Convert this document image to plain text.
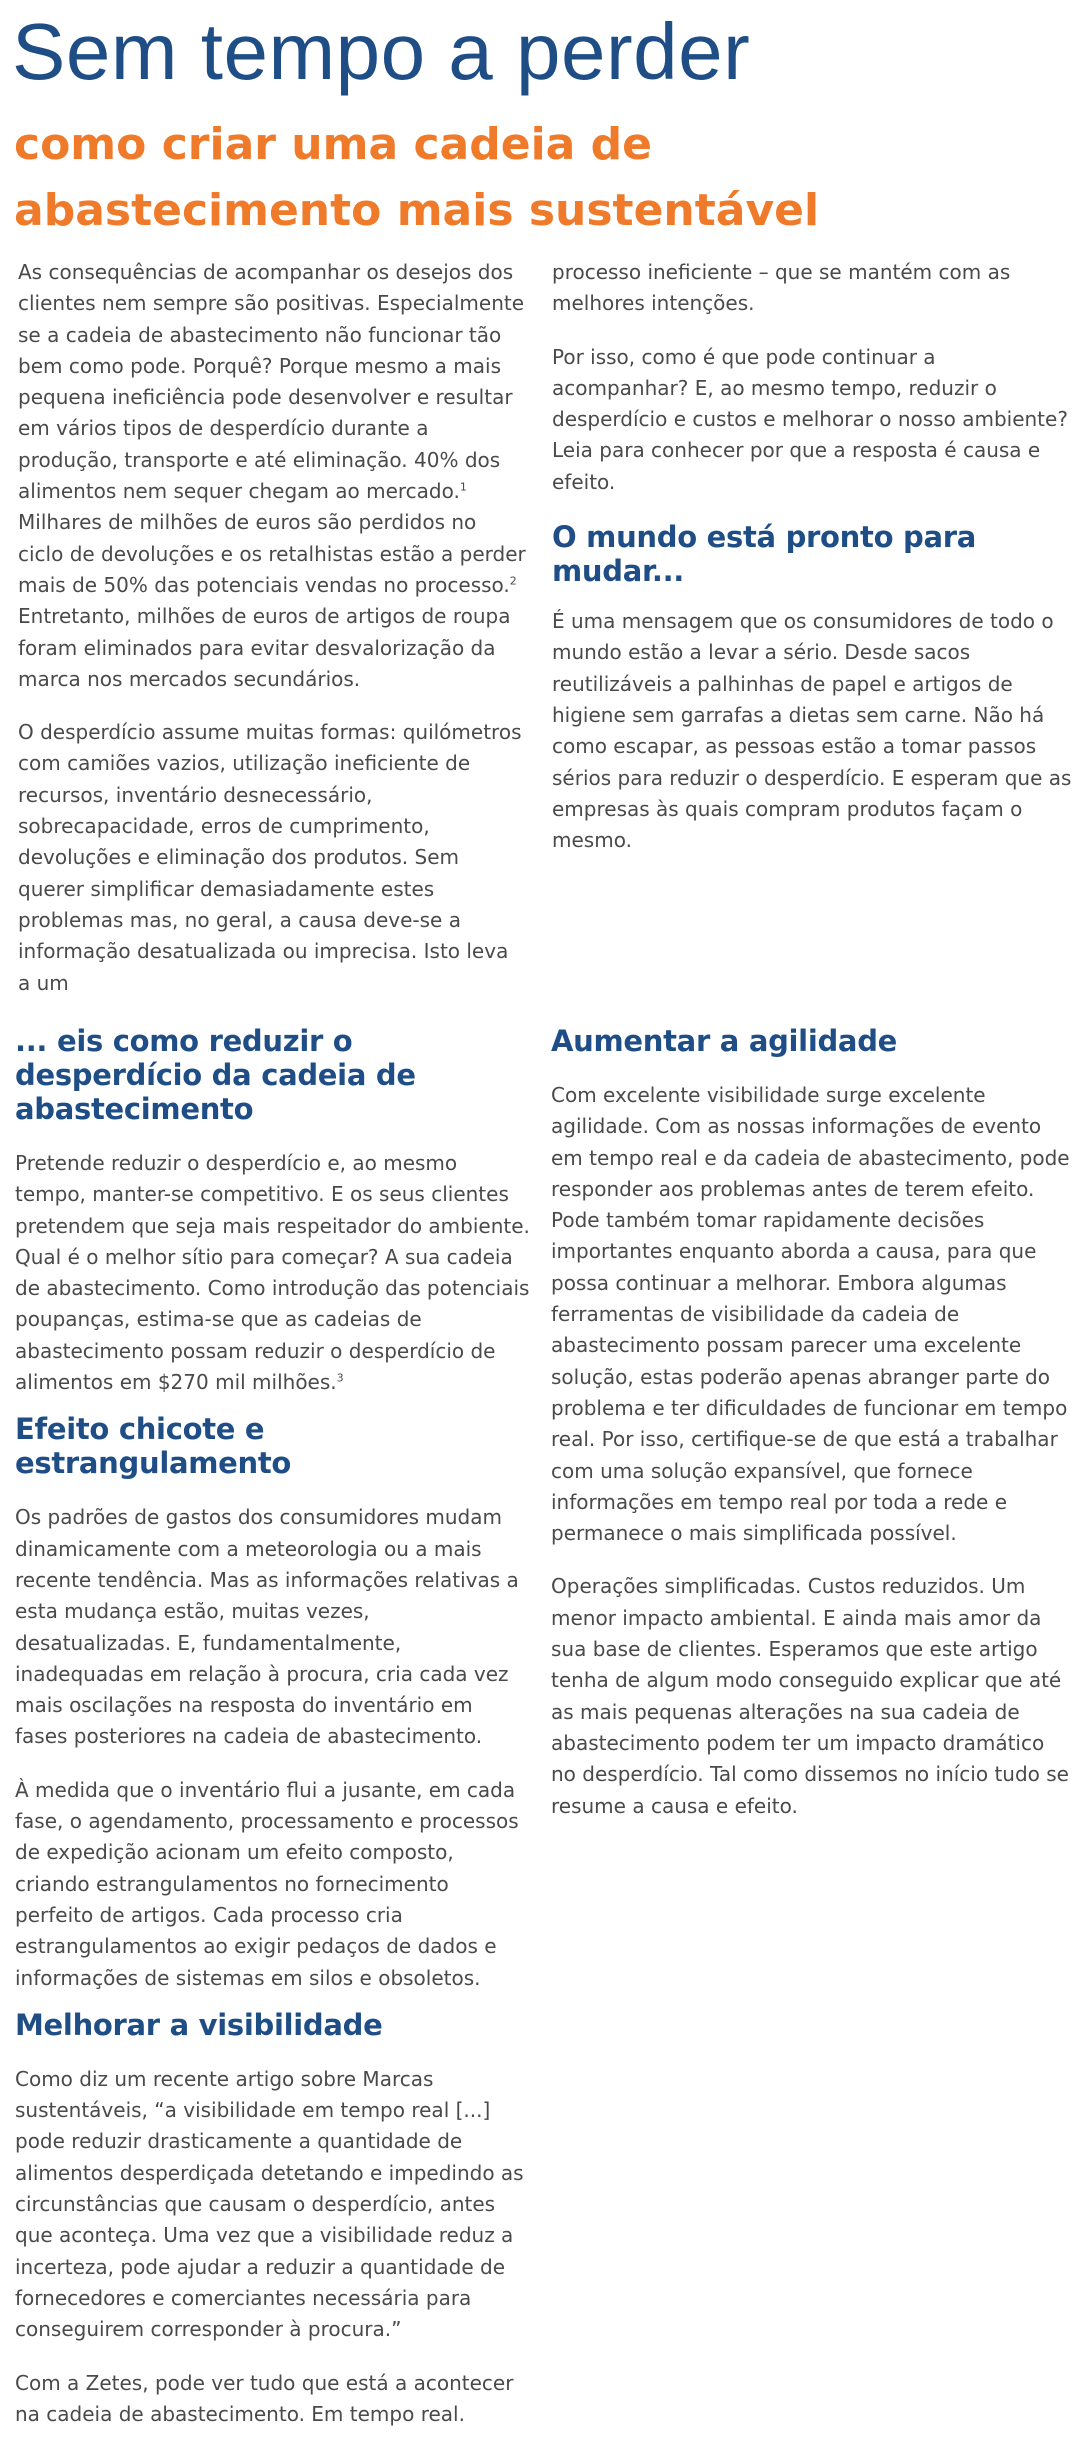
Sem tempo a perder
como criar uma cadeia de abastecimento mais sustentável

As consequências de acompanhar os desejos dos clientes nem sempre são positivas. Especialmente se a cadeia de abastecimento não funcionar tão bem como pode. Porquê? Porque mesmo a mais pequena ineficiência pode desenvolver e resultar em vários tipos de desperdício durante a produção, transporte e até eliminação. 40% dos alimentos nem sequer chegam ao mercado.$^1$ Milhares de milhões de euros são perdidos no ciclo de devoluções e os retalhistas estão a perder mais de 50% das potenciais vendas no processo.$^2$ Entretanto, milhões de euros de artigos de roupa foram eliminados para evitar desvalorização da marca nos mercados secundários.

O desperdício assume muitas formas: quilómetros com camiões vazios, utilização ineficiente de recursos, inventário desnecessário, sobrecapacidade, erros de cumprimento, devoluções e eliminação dos produtos. Sem querer simplificar demasiadamente estes problemas mas, no geral, a causa deve-se a informação desatualizada ou imprecisa. Isto leva a um

processo ineficiente – que se mantém com as melhores intenções.

Por isso, como é que pode continuar a acompanhar? E, ao mesmo tempo, reduzir o desperdício e custos e melhorar o nosso ambiente? Leia para conhecer por que a resposta é causa e efeito.

O mundo está pronto para mudar...

É uma mensagem que os consumidores de todo o mundo estão a levar a sério. Desde sacos reutilizáveis a palhinhas de papel e artigos de higiene sem garrafas a dietas sem carne. Não há como escapar, as pessoas estão a tomar passos sérios para reduzir o desperdício. E esperam que as empresas às quais compram produtos façam o mesmo.

... eis como reduzir o desperdício da cadeia de abastecimento

Pretende reduzir o desperdício e, ao mesmo tempo, manter-se competitivo. E os seus clientes pretendem que seja mais respeitador do ambiente. Qual é o melhor sítio para começar? A sua cadeia de abastecimento. Como introdução das potenciais poupanças, estima-se que as cadeias de abastecimento possam reduzir o desperdício de alimentos em $270 mil milhões.$^3$

Efeito chicote e estrangulamento

Os padrões de gastos dos consumidores mudam dinamicamente com a meteorologia ou a mais recente tendência. Mas as informações relativas a esta mudança estão, muitas vezes, desatualizadas. E, fundamentalmente, inadequadas em relação à procura, cria cada vez mais oscilações na resposta do inventário em fases posteriores na cadeia de abastecimento.

À medida que o inventário flui a jusante, em cada fase, o agendamento, processamento e processos de expedição acionam um efeito composto, criando estrangulamentos no fornecimento perfeito de artigos. Cada processo cria estrangulamentos ao exigir pedaços de dados e informações de sistemas em silos e obsoletos.

Melhorar a visibilidade

Como diz um recente artigo sobre Marcas sustentáveis, “a visibilidade em tempo real [...] pode reduzir drasticamente a quantidade de alimentos desperdiçada detetando e impedindo as circunstâncias que causam o desperdício, antes que aconteça. Uma vez que a visibilidade reduz a incerteza, pode ajudar a reduzir a quantidade de fornecedores e comerciantes necessária para conseguirem corresponder à procura.”

Com a Zetes, pode ver tudo que está a acontecer na cadeia de abastecimento. Em tempo real.

Aumentar a agilidade

Com excelente visibilidade surge excelente agilidade. Com as nossas informações de evento em tempo real e da cadeia de abastecimento, pode responder aos problemas antes de terem efeito. Pode também tomar rapidamente decisões importantes enquanto aborda a causa, para que possa continuar a melhorar. Embora algumas ferramentas de visibilidade da cadeia de abastecimento possam parecer uma excelente solução, estas poderão apenas abranger parte do problema e ter dificuldades de funcionar em tempo real. Por isso, certifique-se de que está a trabalhar com uma solução expansível, que fornece informações em tempo real por toda a rede e permanece o mais simplificada possível.

Operações simplificadas. Custos reduzidos. Um menor impacto ambiental. E ainda mais amor da sua base de clientes. Esperamos que este artigo tenha de algum modo conseguido explicar que até as mais pequenas alterações na sua cadeia de abastecimento podem ter um impacto dramático no desperdício. Tal como dissemos no início tudo se resume a causa e efeito.
